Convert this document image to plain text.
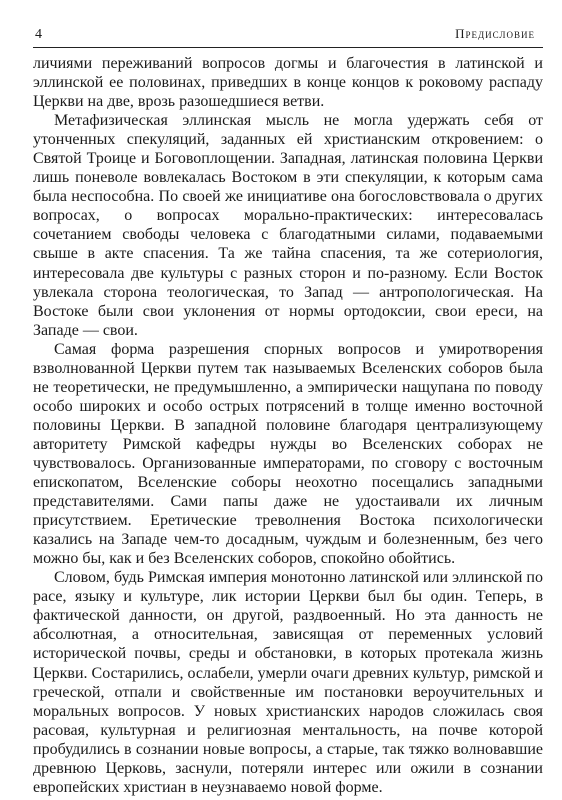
4	Предисловие

личиями переживаний вопросов догмы и благочестия в латинской и эллинской ее половинах, приведших в конце концов к роковому распаду Церкви на две, врозь разошедшиеся ветви.

Метафизическая эллинская мысль не могла удержать себя от утонченных спекуляций, заданных ей христианским откровением: о Святой Троице и Боговоплощении. Западная, латинская половина Церкви лишь поневоле вовлекалась Востоком в эти спекуляции, к которым сама была неспособна. По своей же инициативе она богословствовала о других вопросах, о вопросах морально-практических: интересовалась сочетанием свободы человека с благодатными силами, подаваемыми свыше в акте спасения. Та же тайна спасения, та же сотериология, интересовала две культуры с разных сторон и по-разному. Если Восток увлекала сторона теологическая, то Запад — антропологическая. На Востоке были свои уклонения от нормы ортодоксии, свои ереси, на Западе — свои.

Самая форма разрешения спорных вопросов и умиротворения взволнованной Церкви путем так называемых Вселенских соборов была не теоретически, не предумышленно, а эмпирически нащупана по поводу особо широких и особо острых потрясений в толще именно восточной половины Церкви. В западной половине благодаря централизующему авторитету Римской кафедры нужды во Вселенских соборах не чувствовалось. Организованные императорами, по сговору с восточным епископатом, Вселенские соборы неохотно посещались западными представителями. Сами папы даже не удостаивали их личным присутствием. Еретические треволнения Востока психологически казались на Западе чем-то досадным, чуждым и болезненным, без чего можно бы, как и без Вселенских соборов, спокойно обойтись.

Словом, будь Римская империя монотонно латинской или эллинской по расе, языку и культуре, лик истории Церкви был бы один. Теперь, в фактической данности, он другой, раздвоенный. Но эта данность не абсолютная, а относительная, зависящая от переменных условий исторической почвы, среды и обстановки, в которых протекала жизнь Церкви. Состарились, ослабели, умерли очаги древних культур, римской и греческой, отпали и свойственные им постановки вероучительных и моральных вопросов. У новых христианских народов сложилась своя расовая, культурная и религиозная ментальность, на почве которой пробудились в сознании новые вопросы, а старые, так тяжко волновавшие древнюю Церковь, заснули, потеряли интерес или ожили в сознании европейских христиан в неузнаваемо новой форме.
